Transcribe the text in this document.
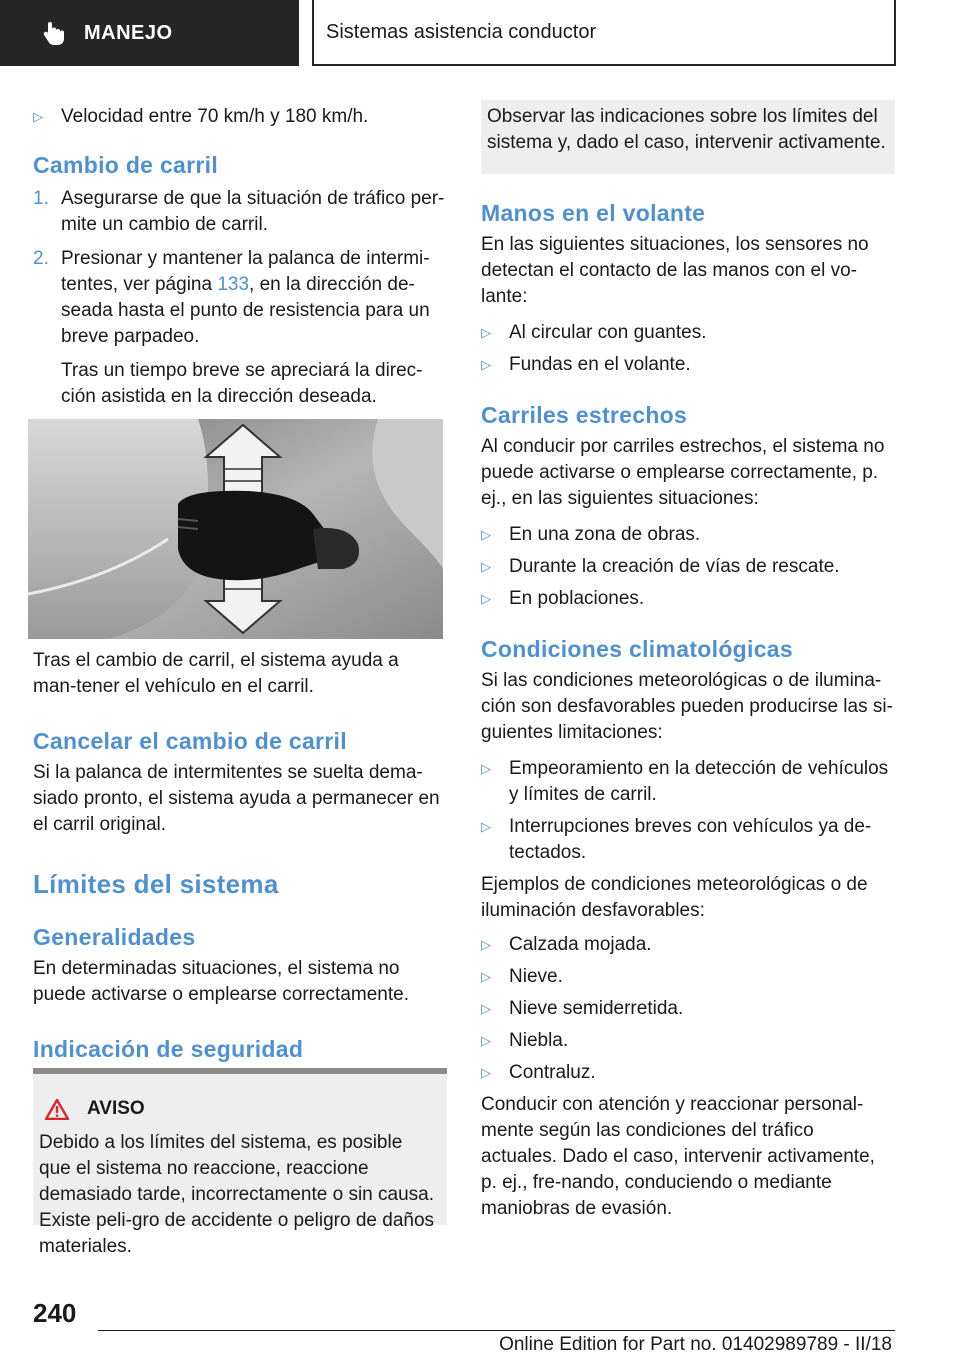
MANEJO	Sistemas asistencia conductor
▷ Velocidad entre 70 km/h y 180 km/h.
Cambio de carril
1. Asegurarse de que la situación de tráfico per-mite un cambio de carril.
2. Presionar y mantener la palanca de intermi-tentes, ver página 133, en la dirección de-seada hasta el punto de resistencia para un breve parpadeo.
Tras un tiempo breve se apreciará la direc-ción asistida en la dirección deseada.

Tras el cambio de carril, el sistema ayuda a man-tener el vehículo en el carril.

Cancelar el cambio de carril

Si la palanca de intermitentes se suelta dema-siado pronto, el sistema ayuda a permanecer en el carril original.

Límites del sistema
Generalidades

En determinadas situaciones, el sistema no puede activarse o emplearse correctamente.

Indicación de seguridad
AVISO

Debido a los límites del sistema, es posible que el sistema no reaccione, reaccione demasiado tarde, incorrectamente o sin causa. Existe peli-gro de accidente o peligro de daños materiales.

Observar las indicaciones sobre los límites del sistema y, dado el caso, intervenir activamente.

Manos en el volante

En las siguientes situaciones, los sensores no detectan el contacto de las manos con el vo-lante:

▷ Al circular con guantes.
▷ Fundas en el volante.
Carriles estrechos

Al conducir por carriles estrechos, el sistema no puede activarse o emplearse correctamente, p. ej., en las siguientes situaciones:

▷ En una zona de obras.
▷ Durante la creación de vías de rescate.
▷ En poblaciones.
Condiciones climatológicas

Si las condiciones meteorológicas o de ilumina-ción son desfavorables pueden producirse las si-guientes limitaciones:

▷ Empeoramiento en la detección de vehículos y límites de carril.
▷ Interrupciones breves con vehículos ya de-tectados.

Ejemplos de condiciones meteorológicas o de iluminación desfavorables:

▷ Calzada mojada.
▷ Nieve.
▷ Nieve semiderretida.
▷ Niebla.
▷ Contraluz.

Conducir con atención y reaccionar personal-mente según las condiciones del tráfico actuales. Dado el caso, intervenir activamente, p. ej., fre-nando, conduciendo o mediante maniobras de evasión.

240
Online Edition for Part no. 01402989789 - II/18
